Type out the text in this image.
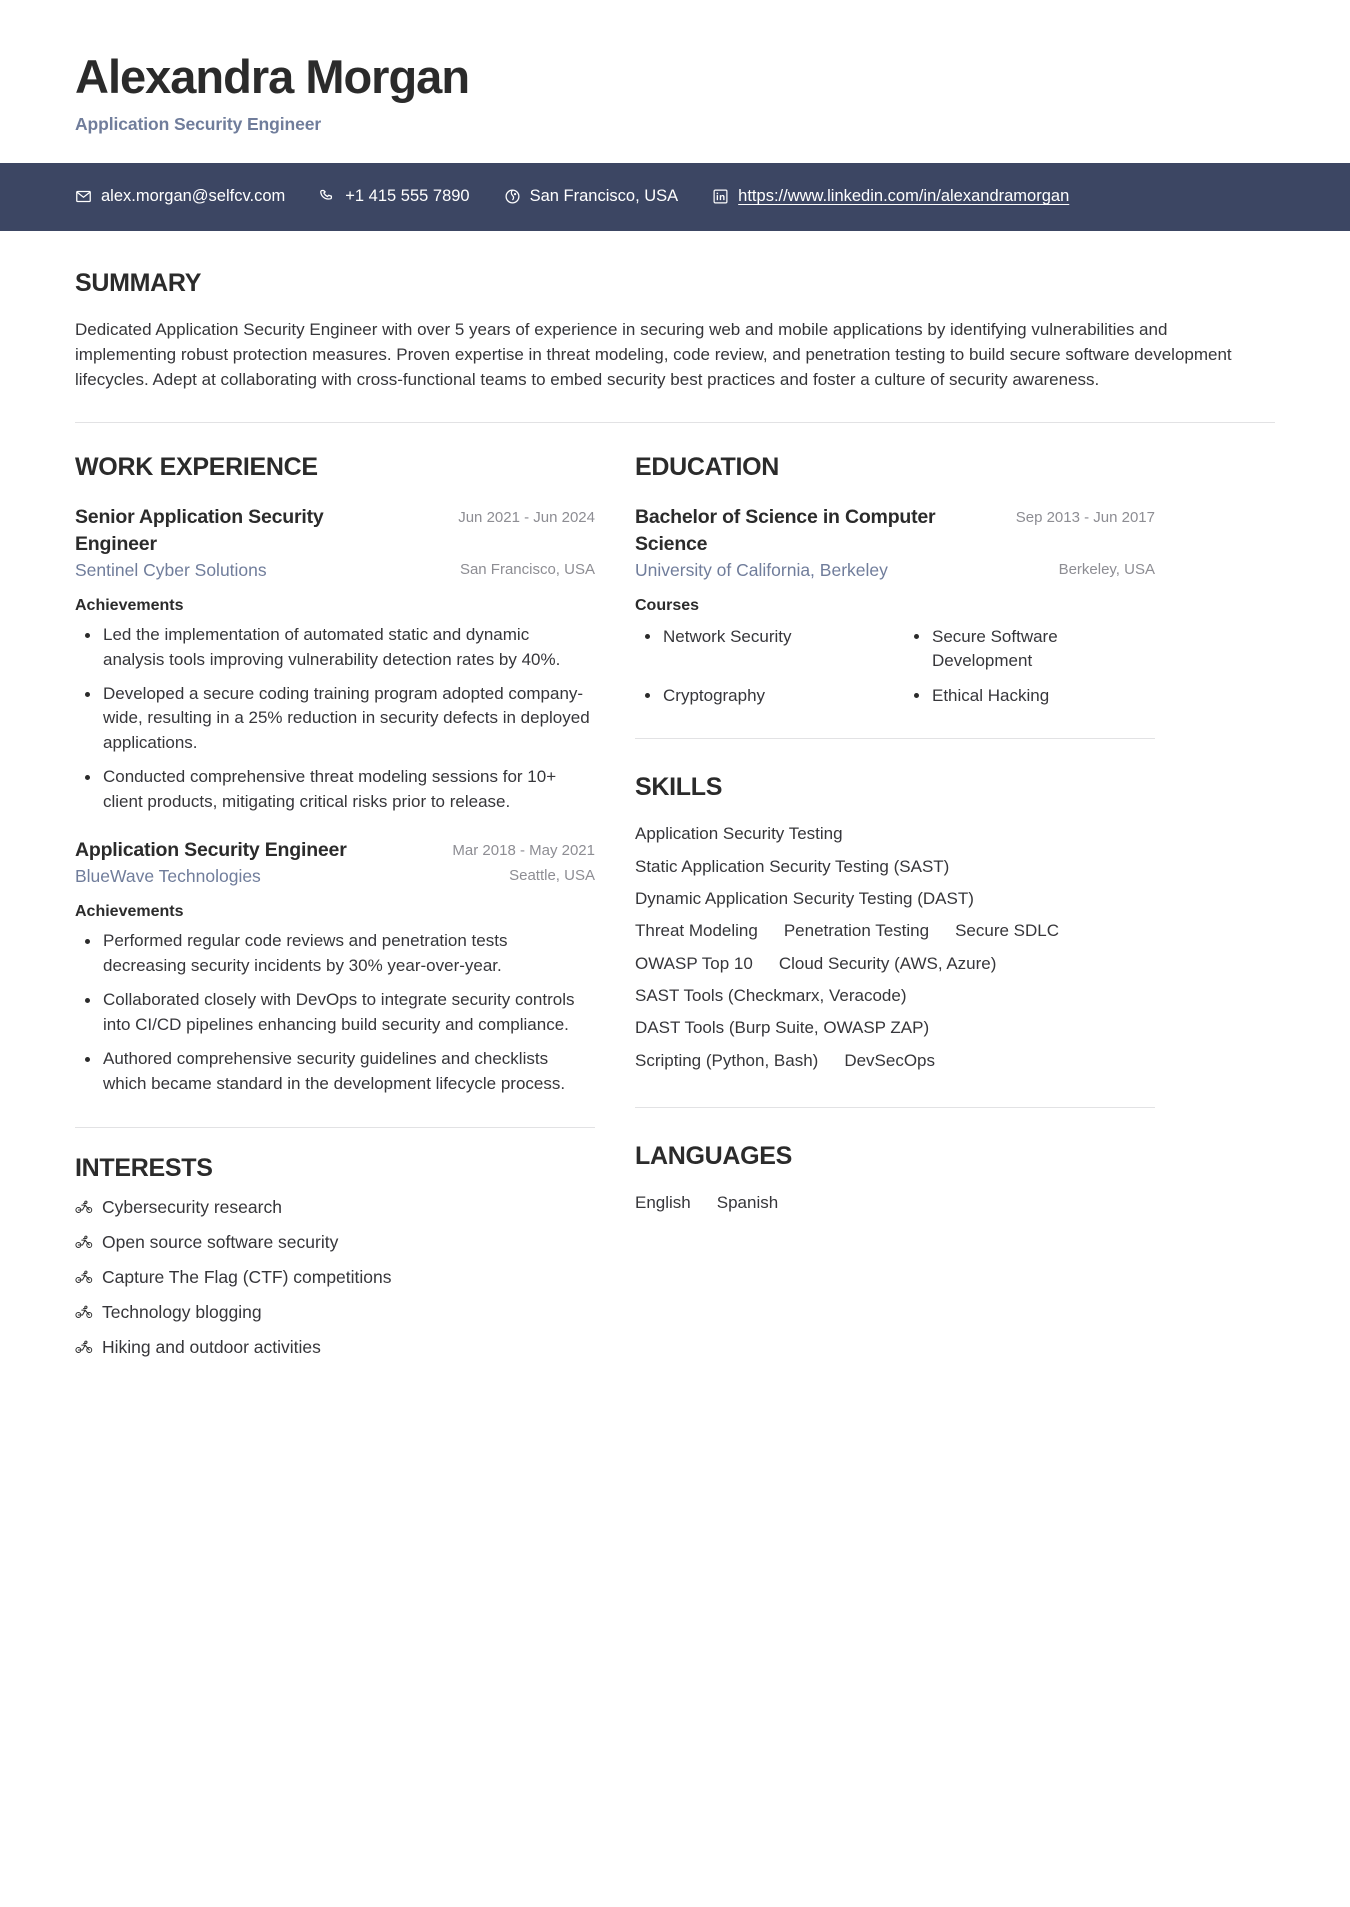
Alexandra Morgan
Application Security Engineer
alex.morgan@selfcv.com	+1 415 555 7890	San Francisco, USA	https://www.linkedin.com/in/alexandramorgan
SUMMARY

Dedicated Application Security Engineer with over 5 years of experience in securing web and mobile applications by identifying vulnerabilities and implementing robust protection measures. Proven expertise in threat modeling, code review, and penetration testing to build secure software development lifecycles. Adept at collaborating with cross-functional teams to embed security best practices and foster a culture of security awareness.

WORK EXPERIENCE
Senior Application Security Engineer
Jun 2021 - Jun 2024
Sentinel Cyber Solutions	San Francisco, USA
Achievements
Led the implementation of automated static and dynamic analysis tools improving vulnerability detection rates by 40%.
Developed a secure coding training program adopted company-wide, resulting in a 25% reduction in security defects in deployed applications.
Conducted comprehensive threat modeling sessions for 10+ client products, mitigating critical risks prior to release.
Application Security Engineer	Mar 2018 - May 2021
BlueWave Technologies	Seattle, USA
Achievements
Performed regular code reviews and penetration tests decreasing security incidents by 30% year-over-year.
Collaborated closely with DevOps to integrate security controls into CI/CD pipelines enhancing build security and compliance.
Authored comprehensive security guidelines and checklists which became standard in the development lifecycle process.
INTERESTS
Cybersecurity research
Open source software security
Capture The Flag (CTF) competitions
Technology blogging
Hiking and outdoor activities
EDUCATION
Bachelor of Science in Computer Science
Sep 2013 - Jun 2017
University of California, Berkeley	Berkeley, USA
Courses
Network Security	Secure Software Development
Cryptography	Ethical Hacking
SKILLS
Application Security Testing
Static Application Security Testing (SAST)
Dynamic Application Security Testing (DAST)
Threat Modeling Penetration Testing Secure SDLC
OWASP Top 10 Cloud Security (AWS, Azure)
SAST Tools (Checkmarx, Veracode)
DAST Tools (Burp Suite, OWASP ZAP)
Scripting (Python, Bash) DevSecOps
LANGUAGES
English Spanish
